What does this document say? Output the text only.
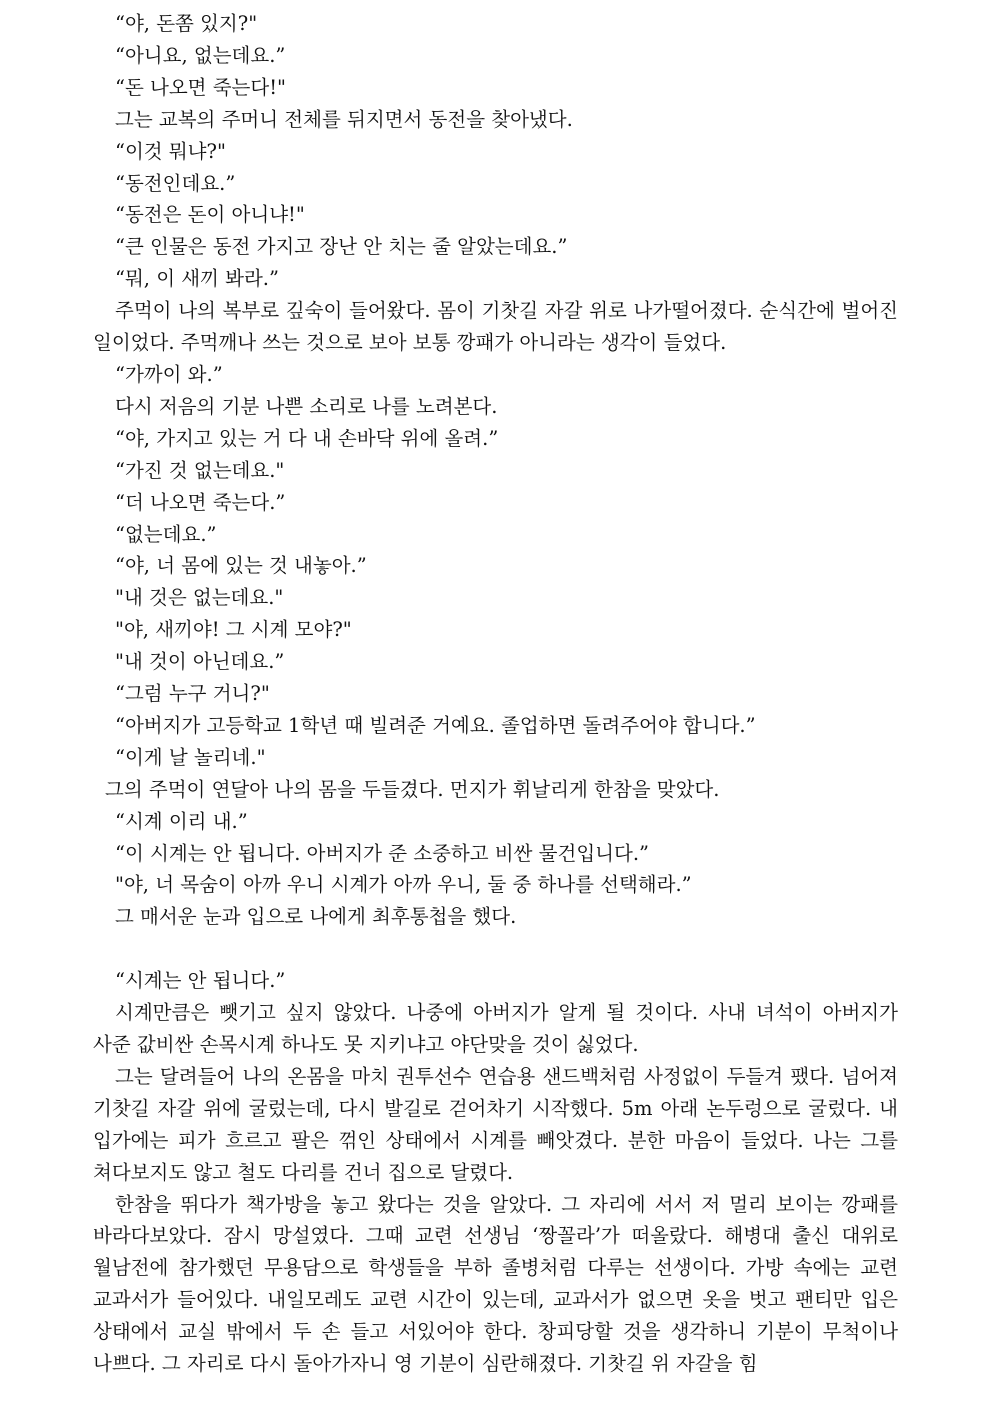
“야, 돈쫌 있지?"

“아니요, 없는데요.”

“돈 나오면 죽는다!"

그는 교복의 주머니 전체를 뒤지면서 동전을 찾아냈다.

“이것 뭐냐?"

“동전인데요.”

“동전은 돈이 아니냐!"

“큰 인물은 동전 가지고 장난 안 치는 줄 알았는데요.”

“뭐, 이 새끼 봐라.”

주먹이 나의 복부로 깊숙이 들어왔다. 몸이 기찻길 자갈 위로 나가떨어졌다. 순식간에 벌어진 일이었다. 주먹깨나 쓰는 것으로 보아 보통 깡패가 아니라는 생각이 들었다.

“가까이 와.”

다시 저음의 기분 나쁜 소리로 나를 노려본다.

“야, 가지고 있는 거 다 내 손바닥 위에 올려.”

“가진 것 없는데요."

“더 나오면 죽는다.”

“없는데요.”

“야, 너 몸에 있는 것 내놓아.”

"내 것은 없는데요."

"야, 새끼야! 그 시계 모야?"

"내 것이 아닌데요.”

“그럼 누구 거니?"

“아버지가 고등학교 1학년 때 빌려준 거예요. 졸업하면 돌려주어야 합니다.”

“이게 날 놀리네."

그의 주먹이 연달아 나의 몸을 두들겼다. 먼지가 휘날리게 한참을 맞았다.

“시계 이리 내.”

“이 시계는 안 됩니다. 아버지가 준 소중하고 비싼 물건입니다.”

"야, 너 목숨이 아까 우니 시계가 아까 우니, 둘 중 하나를 선택해라.”

그 매서운 눈과 입으로 나에게 최후통첩을 했다.

“시계는 안 됩니다.”

시계만큼은 뺏기고 싶지 않았다. 나중에 아버지가 알게 될 것이다. 사내 녀석이 아버지가 사준 값비싼 손목시계 하나도 못 지키냐고 야단맞을 것이 싫었다.

그는 달려들어 나의 온몸을 마치 권투선수 연습용 샌드백처럼 사정없이 두들겨 팼다. 넘어져 기찻길 자갈 위에 굴렀는데, 다시 발길로 걷어차기 시작했다. 5m 아래 논두렁으로 굴렀다. 내 입가에는 피가 흐르고 팔은 꺾인 상태에서 시계를 빼앗겼다. 분한 마음이 들었다. 나는 그를 쳐다보지도 않고 철도 다리를 건너 집으로 달렸다.

한참을 뛰다가 책가방을 놓고 왔다는 것을 알았다. 그 자리에 서서 저 멀리 보이는 깡패를 바라다보았다. 잠시 망설였다. 그때 교련 선생님 ‘짱꼴라’가 떠올랐다. 해병대 출신 대위로 월남전에 참가했던 무용담으로 학생들을 부하 졸병처럼 다루는 선생이다. 가방 속에는 교련 교과서가 들어있다. 내일모레도 교련 시간이 있는데, 교과서가 없으면 옷을 벗고 팬티만 입은 상태에서 교실 밖에서 두 손 들고 서있어야 한다. 창피당할 것을 생각하니 기분이 무척이나 나쁘다. 그 자리로 다시 돌아가자니 영 기분이 심란해졌다. 기찻길 위 자갈을 힘
